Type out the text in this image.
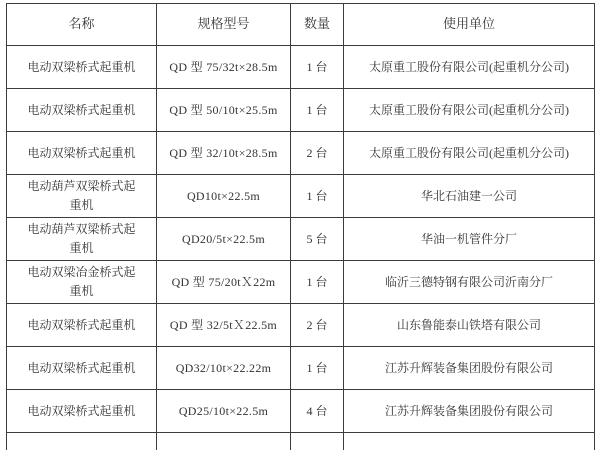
名称	规格型号	数量	使用单位
电动双梁桥式起重机	QD 型 75/32t×28.5m	1 台	太原重工股份有限公司(起重机分公司)
电动双梁桥式起重机	QD 型 50/10t×25.5m	1 台	太原重工股份有限公司(起重机分公司)
电动双梁桥式起重机	QD 型 32/10t×28.5m	2 台	太原重工股份有限公司(起重机分公司)
电动葫芦双梁桥式起重机	QD10t×22.5m	1 台	华北石油建一公司
电动葫芦双梁桥式起重机	QD20/5t×22.5m	5 台	华油一机管件分厂
电动双梁冶金桥式起重机	QD 型 75/20tＸ22m	1 台	临沂三德特钢有限公司沂南分厂
电动双梁桥式起重机	QD 型 32/5tＸ22.5m	2 台	山东鲁能泰山铁塔有限公司
电动双梁桥式起重机	QD32/10t×22.22m	1 台	江苏升辉装备集团股份有限公司
电动双梁桥式起重机	QD25/10t×22.5m	4 台	江苏升辉装备集团股份有限公司
